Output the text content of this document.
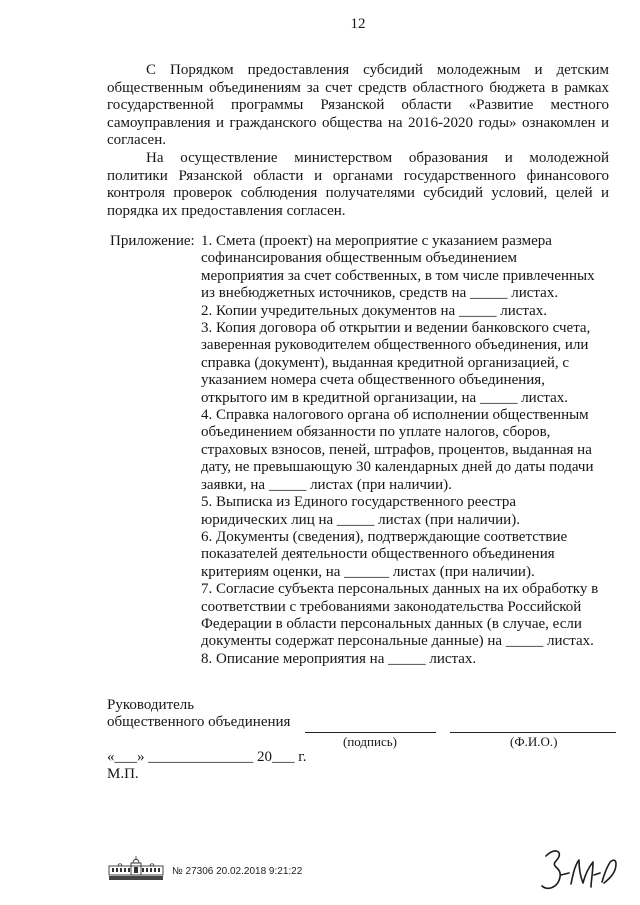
12
С Порядком предоставления субсидий молодежным и детским
общественным объединениям за счет средств областного бюджета в рамках
государственной программы Рязанской области «Развитие местного
самоуправления и гражданского общества на 2016-2020 годы» ознакомлен и
согласен.
На осуществление министерством образования и молодежной
политики Рязанской области и органами государственного финансового
контроля проверок соблюдения получателями субсидий условий, целей и
порядка их предоставления согласен.
Приложение: 1. Смета (проект) на мероприятие с указанием размера
софинансирования общественным объединением
мероприятия за счет собственных, в том числе привлеченных
из внебюджетных источников, средств на _____ листах.
2. Копии учредительных документов на _____ листах.
3. Копия договора об открытии и ведении банковского счета,
заверенная руководителем общественного объединения, или
справка (документ), выданная кредитной организацией, с
указанием номера счета общественного объединения,
открытого им в кредитной организации, на _____ листах.
4. Справка налогового органа об исполнении общественным
объединением обязанности по уплате налогов, сборов,
страховых взносов, пеней, штрафов, процентов, выданная на
дату, не превышающую 30 календарных дней до даты подачи
заявки, на _____ листах (при наличии).
5. Выписка из Единого государственного реестра
юридических лиц на _____ листах (при наличии).
6. Документы (сведения), подтверждающие соответствие
показателей деятельности общественного объединения
критериям оценки, на ______ листах (при наличии).
7. Согласие субъекта персональных данных на их обработку в
соответствии с требованиями законодательства Российской
Федерации в области персональных данных (в случае, если
документы содержат персональные данные) на _____ листах.
8. Описание мероприятия на _____ листах.
Руководитель
общественного объединения
(подпись)	(Ф.И.О.)
«___» ______________ 20___ г.
М.П.
№ 27306 20.02.2018 9:21:22
